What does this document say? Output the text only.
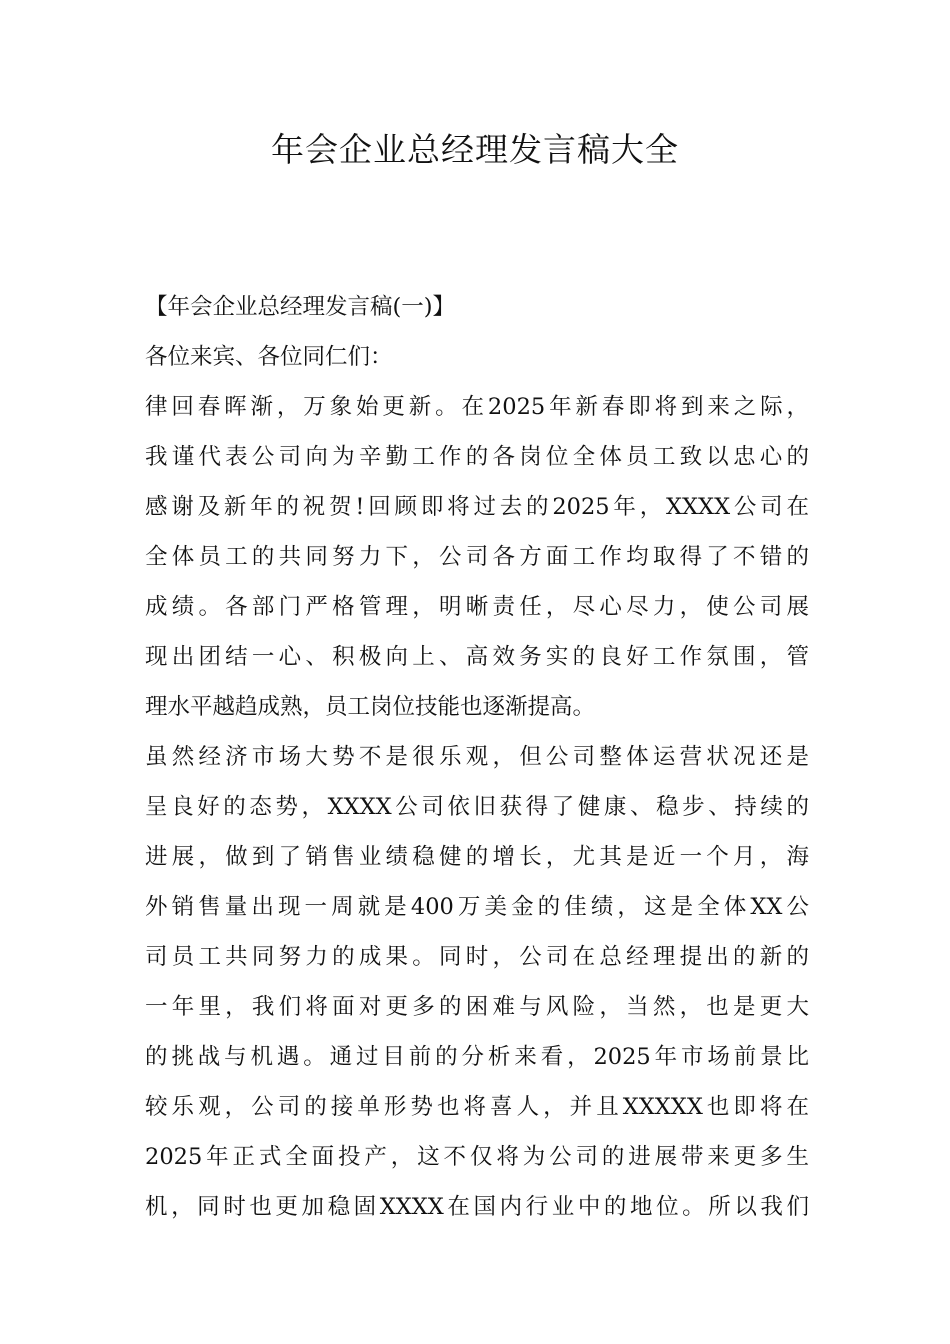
年会企业总经理发言稿大全
【年会企业总经理发言稿(一)】
各位来宾、各位同仁们：
律回春晖渐，万象始更新。在2025年新春即将到来之际，
我谨代表公司向为辛勤工作的各岗位全体员工致以忠心的
感谢及新年的祝贺!回顾即将过去的2025年，XXXX公司在
全体员工的共同努力下，公司各方面工作均取得了不错的
成绩。各部门严格管理，明晰责任，尽心尽力，使公司展
现出团结一心、积极向上、高效务实的良好工作氛围，管
理水平越趋成熟，员工岗位技能也逐渐提高。
虽然经济市场大势不是很乐观，但公司整体运营状况还是
呈良好的态势，XXXX公司依旧获得了健康、稳步、持续的
进展，做到了销售业绩稳健的增长，尤其是近一个月，海
外销售量出现一周就是400万美金的佳绩，这是全体XX公
司员工共同努力的成果。同时，公司在总经理提出的新的
一年里，我们将面对更多的困难与风险，当然，也是更大
的挑战与机遇。通过目前的分析来看，2025年市场前景比
较乐观，公司的接单形势也将喜人，并且XXXXX也即将在
2025年正式全面投产，这不仅将为公司的进展带来更多生
机，同时也更加稳固XXXX在国内行业中的地位。所以我们
